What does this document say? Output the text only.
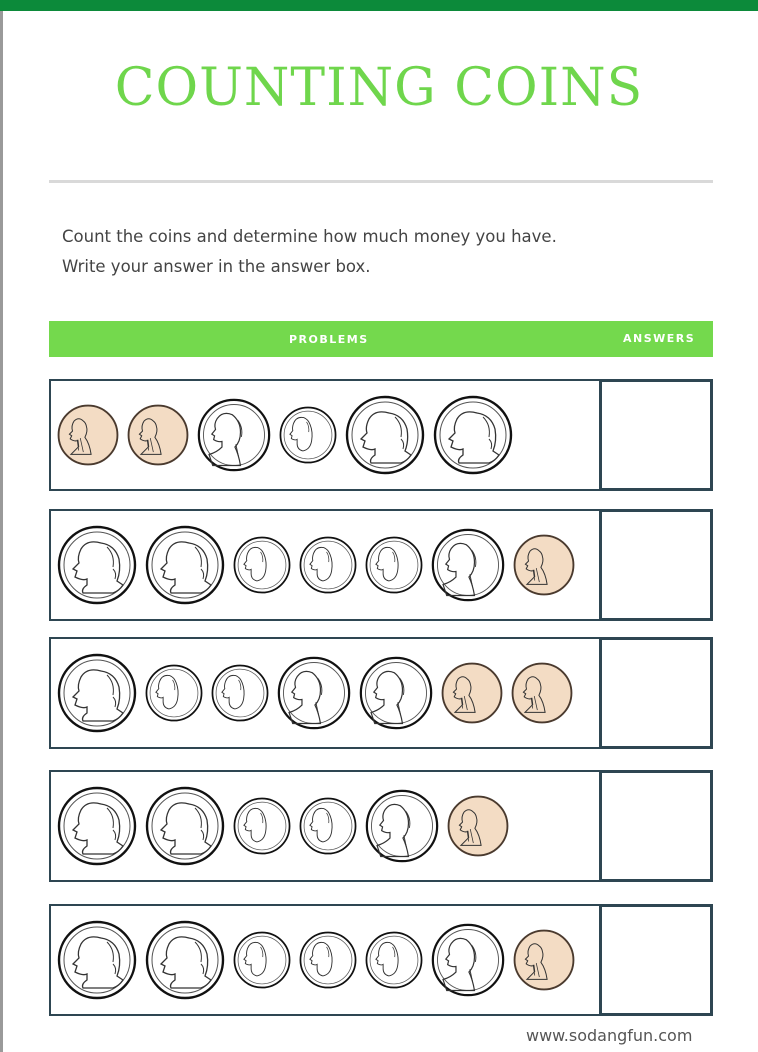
COUNTING COINS
Count the coins and determine how much money you have.
Write your answer in the answer box.
PROBLEMS	ANSWERS
www.sodangfun.com
